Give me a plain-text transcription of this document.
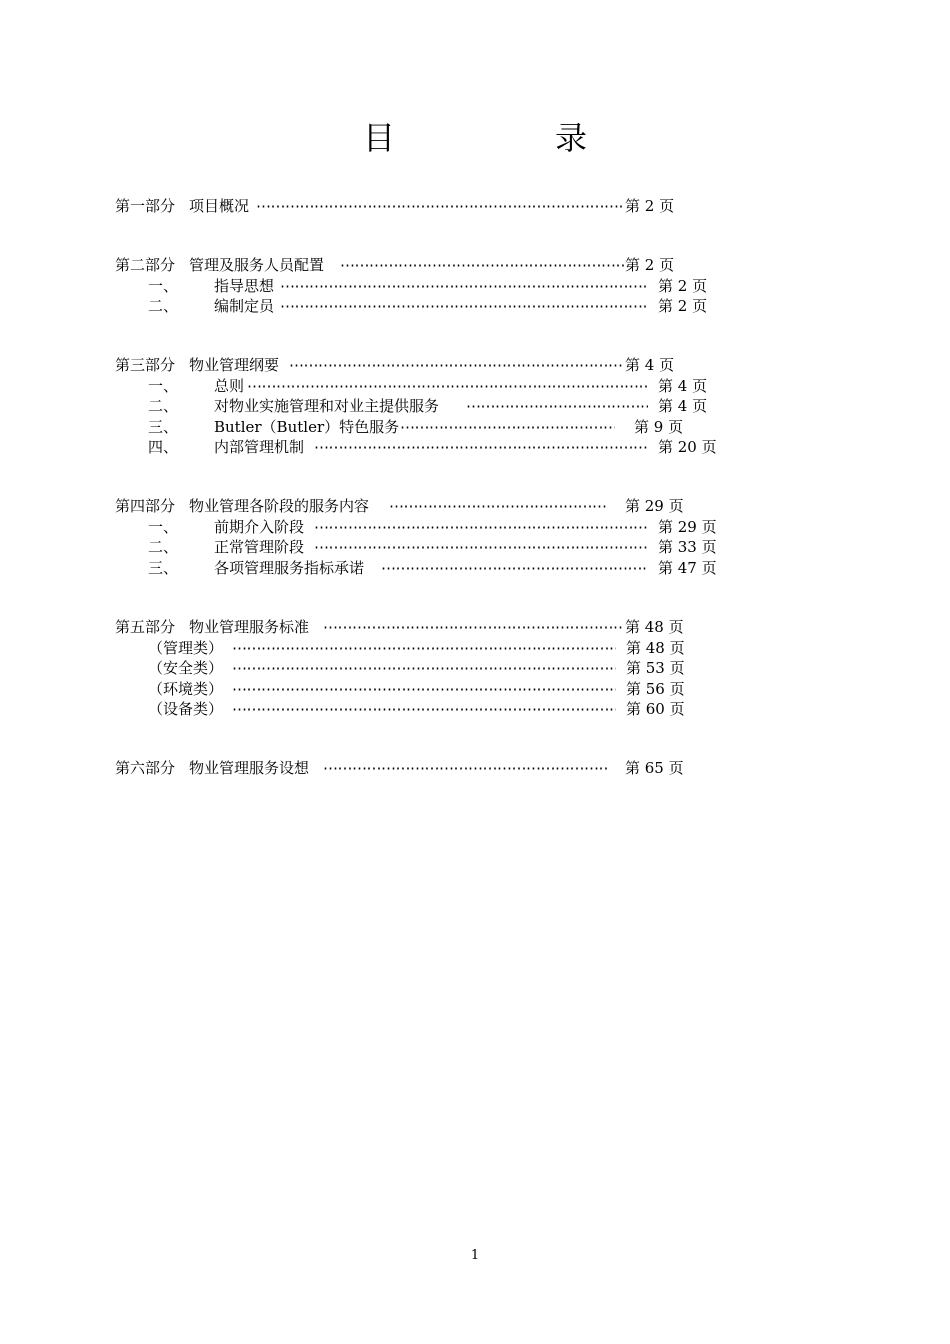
目　录
第一部分 项目概况 ⋯⋯⋯⋯⋯⋯⋯⋯⋯⋯⋯⋯⋯⋯⋯⋯⋯⋯⋯⋯⋯⋯⋯⋯⋯⋯⋯⋯⋯⋯⋯⋯⋯⋯⋯⋯⋯⋯⋯⋯⋯⋯⋯⋯⋯⋯⋯⋯⋯⋯⋯⋯⋯⋯⋯⋯⋯⋯⋯⋯⋯⋯⋯⋯⋯⋯⋯⋯⋯⋯	第 2 页
第二部分 管理及服务人员配置 ⋯⋯⋯⋯⋯⋯⋯⋯⋯⋯⋯⋯⋯⋯⋯⋯⋯⋯⋯⋯⋯⋯⋯⋯⋯⋯⋯⋯⋯⋯⋯⋯⋯⋯⋯⋯⋯⋯⋯⋯⋯⋯⋯⋯⋯⋯⋯⋯⋯⋯⋯⋯⋯⋯⋯⋯⋯⋯⋯⋯⋯⋯⋯⋯⋯⋯⋯⋯⋯⋯	第 2 页
一、 指导思想 ⋯⋯⋯⋯⋯⋯⋯⋯⋯⋯⋯⋯⋯⋯⋯⋯⋯⋯⋯⋯⋯⋯⋯⋯⋯⋯⋯⋯⋯⋯⋯⋯⋯⋯⋯⋯⋯⋯⋯⋯⋯⋯⋯⋯⋯⋯⋯⋯⋯⋯⋯⋯⋯⋯⋯⋯⋯⋯⋯⋯⋯⋯⋯⋯⋯⋯⋯⋯⋯⋯	第 2 页
二、 编制定员 ⋯⋯⋯⋯⋯⋯⋯⋯⋯⋯⋯⋯⋯⋯⋯⋯⋯⋯⋯⋯⋯⋯⋯⋯⋯⋯⋯⋯⋯⋯⋯⋯⋯⋯⋯⋯⋯⋯⋯⋯⋯⋯⋯⋯⋯⋯⋯⋯⋯⋯⋯⋯⋯⋯⋯⋯⋯⋯⋯⋯⋯⋯⋯⋯⋯⋯⋯⋯⋯⋯	第 2 页
第三部分 物业管理纲要 ⋯⋯⋯⋯⋯⋯⋯⋯⋯⋯⋯⋯⋯⋯⋯⋯⋯⋯⋯⋯⋯⋯⋯⋯⋯⋯⋯⋯⋯⋯⋯⋯⋯⋯⋯⋯⋯⋯⋯⋯⋯⋯⋯⋯⋯⋯⋯⋯⋯⋯⋯⋯⋯⋯⋯⋯⋯⋯⋯⋯⋯⋯⋯⋯⋯⋯⋯⋯⋯⋯	第 4 页
一、 总则 ⋯⋯⋯⋯⋯⋯⋯⋯⋯⋯⋯⋯⋯⋯⋯⋯⋯⋯⋯⋯⋯⋯⋯⋯⋯⋯⋯⋯⋯⋯⋯⋯⋯⋯⋯⋯⋯⋯⋯⋯⋯⋯⋯⋯⋯⋯⋯⋯⋯⋯⋯⋯⋯⋯⋯⋯⋯⋯⋯⋯⋯⋯⋯⋯⋯⋯⋯⋯⋯⋯	第 4 页
二、 对物业实施管理和对业主提供服务 ⋯⋯⋯⋯⋯⋯⋯⋯⋯⋯⋯⋯⋯⋯⋯⋯⋯⋯⋯⋯⋯⋯⋯⋯⋯⋯⋯⋯⋯⋯⋯⋯⋯⋯⋯⋯⋯⋯⋯⋯⋯⋯⋯⋯⋯⋯⋯⋯⋯⋯⋯⋯⋯⋯⋯⋯⋯⋯⋯⋯⋯⋯⋯⋯⋯⋯⋯⋯⋯⋯	第 4 页
三、 Butler（Butler）特色服务 ⋯⋯⋯⋯⋯⋯⋯⋯⋯⋯⋯⋯⋯⋯⋯⋯⋯⋯⋯⋯⋯⋯⋯⋯⋯⋯⋯⋯⋯⋯⋯⋯⋯⋯⋯⋯⋯⋯⋯⋯⋯⋯⋯⋯⋯⋯⋯⋯⋯⋯⋯⋯⋯⋯⋯⋯⋯⋯⋯⋯⋯⋯⋯⋯⋯⋯⋯⋯⋯⋯	第 9 页
四、 内部管理机制 ⋯⋯⋯⋯⋯⋯⋯⋯⋯⋯⋯⋯⋯⋯⋯⋯⋯⋯⋯⋯⋯⋯⋯⋯⋯⋯⋯⋯⋯⋯⋯⋯⋯⋯⋯⋯⋯⋯⋯⋯⋯⋯⋯⋯⋯⋯⋯⋯⋯⋯⋯⋯⋯⋯⋯⋯⋯⋯⋯⋯⋯⋯⋯⋯⋯⋯⋯⋯⋯⋯	第 20 页
第四部分 物业管理各阶段的服务内容 ⋯⋯⋯⋯⋯⋯⋯⋯⋯⋯⋯⋯⋯⋯⋯⋯⋯⋯⋯⋯⋯⋯⋯⋯⋯⋯⋯⋯⋯⋯⋯⋯⋯⋯⋯⋯⋯⋯⋯⋯⋯⋯⋯⋯⋯⋯⋯⋯⋯⋯⋯⋯⋯⋯⋯⋯⋯⋯⋯⋯⋯⋯⋯⋯⋯⋯⋯⋯⋯⋯	第 29 页
一、 前期介入阶段 ⋯⋯⋯⋯⋯⋯⋯⋯⋯⋯⋯⋯⋯⋯⋯⋯⋯⋯⋯⋯⋯⋯⋯⋯⋯⋯⋯⋯⋯⋯⋯⋯⋯⋯⋯⋯⋯⋯⋯⋯⋯⋯⋯⋯⋯⋯⋯⋯⋯⋯⋯⋯⋯⋯⋯⋯⋯⋯⋯⋯⋯⋯⋯⋯⋯⋯⋯⋯⋯⋯	第 29 页
二、 正常管理阶段 ⋯⋯⋯⋯⋯⋯⋯⋯⋯⋯⋯⋯⋯⋯⋯⋯⋯⋯⋯⋯⋯⋯⋯⋯⋯⋯⋯⋯⋯⋯⋯⋯⋯⋯⋯⋯⋯⋯⋯⋯⋯⋯⋯⋯⋯⋯⋯⋯⋯⋯⋯⋯⋯⋯⋯⋯⋯⋯⋯⋯⋯⋯⋯⋯⋯⋯⋯⋯⋯⋯	第 33 页
三、 各项管理服务指标承诺 ⋯⋯⋯⋯⋯⋯⋯⋯⋯⋯⋯⋯⋯⋯⋯⋯⋯⋯⋯⋯⋯⋯⋯⋯⋯⋯⋯⋯⋯⋯⋯⋯⋯⋯⋯⋯⋯⋯⋯⋯⋯⋯⋯⋯⋯⋯⋯⋯⋯⋯⋯⋯⋯⋯⋯⋯⋯⋯⋯⋯⋯⋯⋯⋯⋯⋯⋯⋯⋯⋯	第 47 页
第五部分 物业管理服务标准 ⋯⋯⋯⋯⋯⋯⋯⋯⋯⋯⋯⋯⋯⋯⋯⋯⋯⋯⋯⋯⋯⋯⋯⋯⋯⋯⋯⋯⋯⋯⋯⋯⋯⋯⋯⋯⋯⋯⋯⋯⋯⋯⋯⋯⋯⋯⋯⋯⋯⋯⋯⋯⋯⋯⋯⋯⋯⋯⋯⋯⋯⋯⋯⋯⋯⋯⋯⋯⋯⋯	第 48 页
（管理类） ⋯⋯⋯⋯⋯⋯⋯⋯⋯⋯⋯⋯⋯⋯⋯⋯⋯⋯⋯⋯⋯⋯⋯⋯⋯⋯⋯⋯⋯⋯⋯⋯⋯⋯⋯⋯⋯⋯⋯⋯⋯⋯⋯⋯⋯⋯⋯⋯⋯⋯⋯⋯⋯⋯⋯⋯⋯⋯⋯⋯⋯⋯⋯⋯⋯⋯⋯⋯⋯⋯	第 48 页
（安全类） ⋯⋯⋯⋯⋯⋯⋯⋯⋯⋯⋯⋯⋯⋯⋯⋯⋯⋯⋯⋯⋯⋯⋯⋯⋯⋯⋯⋯⋯⋯⋯⋯⋯⋯⋯⋯⋯⋯⋯⋯⋯⋯⋯⋯⋯⋯⋯⋯⋯⋯⋯⋯⋯⋯⋯⋯⋯⋯⋯⋯⋯⋯⋯⋯⋯⋯⋯⋯⋯⋯	第 53 页
（环境类） ⋯⋯⋯⋯⋯⋯⋯⋯⋯⋯⋯⋯⋯⋯⋯⋯⋯⋯⋯⋯⋯⋯⋯⋯⋯⋯⋯⋯⋯⋯⋯⋯⋯⋯⋯⋯⋯⋯⋯⋯⋯⋯⋯⋯⋯⋯⋯⋯⋯⋯⋯⋯⋯⋯⋯⋯⋯⋯⋯⋯⋯⋯⋯⋯⋯⋯⋯⋯⋯⋯	第 56 页
（设备类） ⋯⋯⋯⋯⋯⋯⋯⋯⋯⋯⋯⋯⋯⋯⋯⋯⋯⋯⋯⋯⋯⋯⋯⋯⋯⋯⋯⋯⋯⋯⋯⋯⋯⋯⋯⋯⋯⋯⋯⋯⋯⋯⋯⋯⋯⋯⋯⋯⋯⋯⋯⋯⋯⋯⋯⋯⋯⋯⋯⋯⋯⋯⋯⋯⋯⋯⋯⋯⋯⋯	第 60 页
第六部分 物业管理服务设想 ⋯⋯⋯⋯⋯⋯⋯⋯⋯⋯⋯⋯⋯⋯⋯⋯⋯⋯⋯⋯⋯⋯⋯⋯⋯⋯⋯⋯⋯⋯⋯⋯⋯⋯⋯⋯⋯⋯⋯⋯⋯⋯⋯⋯⋯⋯⋯⋯⋯⋯⋯⋯⋯⋯⋯⋯⋯⋯⋯⋯⋯⋯⋯⋯⋯⋯⋯⋯⋯⋯	第 65 页
1
